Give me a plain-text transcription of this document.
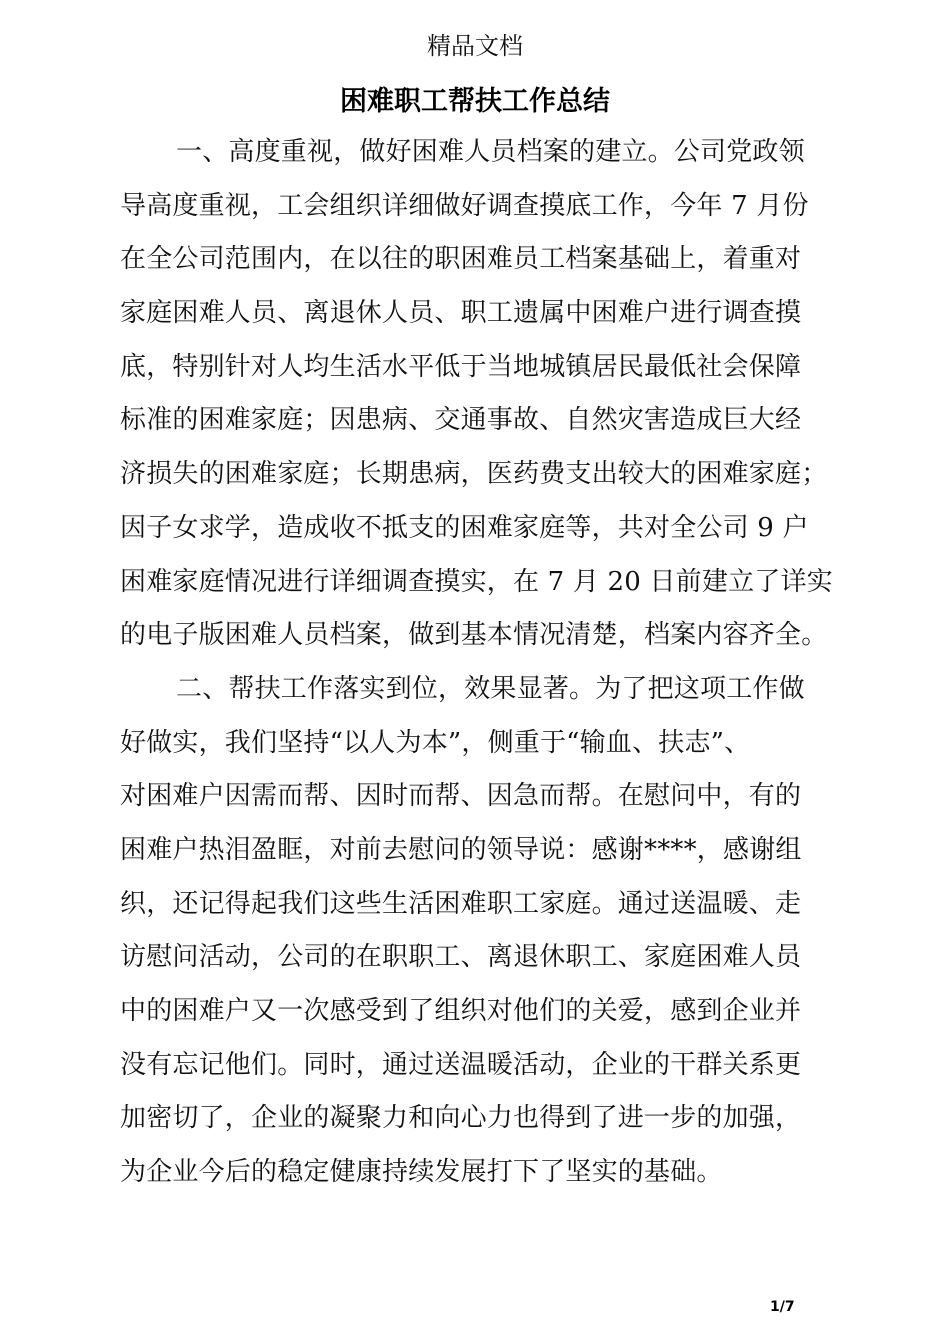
精品文档
困难职工帮扶工作总结
一、高度重视，做好困难人员档案的建立。公司党政领
导高度重视，工会组织详细做好调查摸底工作，今年 7 月份
在全公司范围内，在以往的职困难员工档案基础上，着重对
家庭困难人员、离退休人员、职工遗属中困难户进行调查摸
底，特别针对人均生活水平低于当地城镇居民最低社会保障
标准的困难家庭；因患病、交通事故、自然灾害造成巨大经
济损失的困难家庭；长期患病，医药费支出较大的困难家庭；
因子女求学，造成收不抵支的困难家庭等，共对全公司 9 户
困难家庭情况进行详细调查摸实，在 7 月 20 日前建立了详实
的电子版困难人员档案，做到基本情况清楚，档案内容齐全。
二、帮扶工作落实到位，效果显著。为了把这项工作做
好做实，我们坚持“以人为本”，侧重于“输血、扶志”、
对困难户因需而帮、因时而帮、因急而帮。在慰问中，有的
困难户热泪盈眶，对前去慰问的领导说：感谢****，感谢组
织，还记得起我们这些生活困难职工家庭。通过送温暖、走
访慰问活动，公司的在职职工、离退休职工、家庭困难人员
中的困难户又一次感受到了组织对他们的关爱，感到企业并
没有忘记他们。同时，通过送温暖活动，企业的干群关系更
加密切了，企业的凝聚力和向心力也得到了进一步的加强，
为企业今后的稳定健康持续发展打下了坚实的基础。
1/7
